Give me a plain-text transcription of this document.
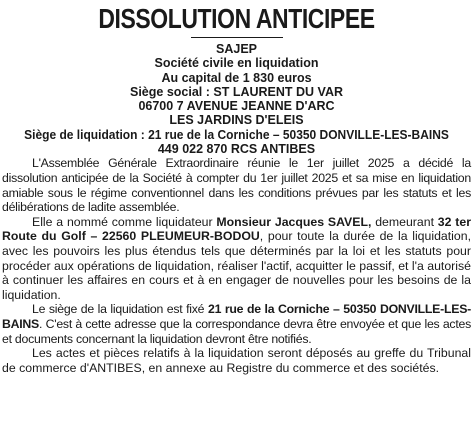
DISSOLUTION ANTICIPEE

SAJEP

Société civile en liquidation

Au capital de 1 830 euros

Siège social : ST LAURENT DU VAR

06700 7 AVENUE JEANNE D'ARC

LES JARDINS D'ELEIS

Siège de liquidation : 21 rue de la Corniche – 50350 DONVILLE-LES-BAINS

449 022 870 RCS ANTIBES

L'Assemblée Générale Extraordinaire réunie le 1er juillet 2025 a décidé la dissolution anticipée de la Société à compter du 1er juillet 2025 et sa mise en liquidation amiable sous le régime conventionnel dans les conditions prévues par les statuts et les délibérations de ladite assemblée.

Elle a nommé comme liquidateur Monsieur Jacques SAVEL, demeurant 32 ter Route du Golf – 22560 PLEUMEUR-BODOU, pour toute la durée de la liquidation, avec les pouvoirs les plus étendus tels que déterminés par la loi et les statuts pour procéder aux opérations de liquidation, réaliser l'actif, acquitter le passif, et l'a autorisé à continuer les affaires en cours et à en engager de nouvelles pour les besoins de la liquidation.

Le siège de la liquidation est fixé 21 rue de la Corniche – 50350 DONVILLE-LES-BAINS. C'est à cette adresse que la correspondance devra être envoyée et que les actes et documents concernant la liquidation devront être notifiés.

Les actes et pièces relatifs à la liquidation seront déposés au greffe du Tribunal de commerce d'ANTIBES, en annexe au Registre du commerce et des sociétés.
